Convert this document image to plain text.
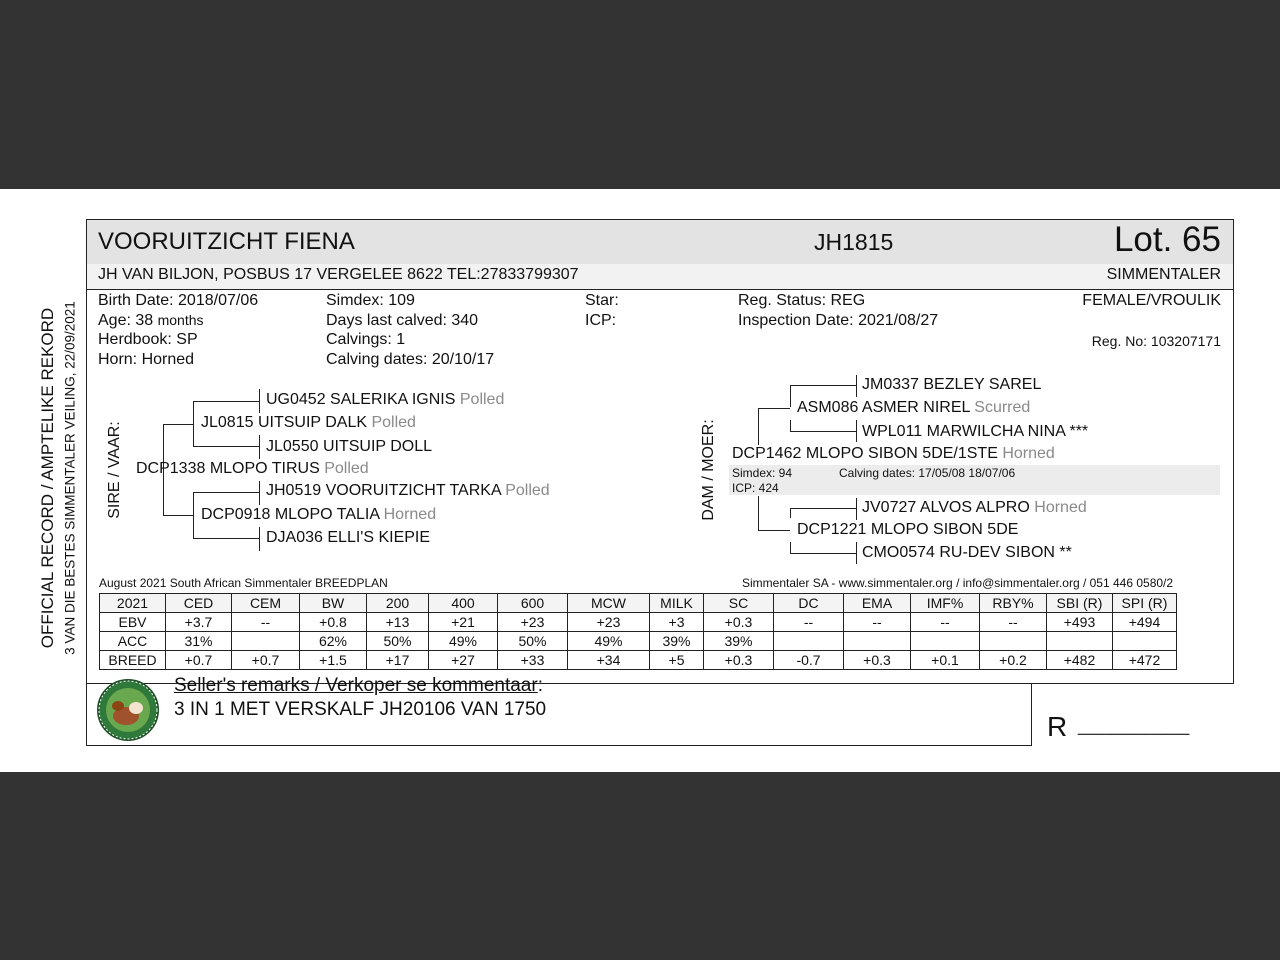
OFFICIAL RECORD / AMPTELIKE REKORD 3 VAN DIE BESTES SIMMENTALER VEILING, 22/09/2021
VOORUITZICHT FIENA	JH1815	Lot. 65
JH VAN BILJON, POSBUS 17 VERGELEE 8622 TEL:27833799307	SIMMENTALER
Birth Date: 2018/07/06
Age: 38 months
Herdbook: SP
Horn: Horned
Simdex: 109
Days last calved: 340
Calvings: 1
Calving dates: 20/10/17
Star:
ICP:
Reg. Status: REG
Inspection Date: 2021/08/27
FEMALE/VROULIK
Reg. No: 103207171
SIRE / VAAR:	DAM / MOER:
UG0452 SALERIKA IGNIS Polled
JL0815 UITSUIP DALK Polled
JL0550 UITSUIP DOLL
DCP1338 MLOPO TIRUS Polled
JH0519 VOORUITZICHT TARKA Polled
DCP0918 MLOPO TALIA Horned
DJA036 ELLI'S KIEPIE
JM0337 BEZLEY SAREL
ASM086 ASMER NIREL Scurred
WPL011 MARWILCHA NINA ***
DCP1462 MLOPO SIBON 5DE/1STE Horned
Simdex: 94	Calving dates: 17/05/08 18/07/06
ICP: 424
JV0727 ALVOS ALPRO Horned
DCP1221 MLOPO SIBON 5DE
CMO0574 RU-DEV SIBON **
August 2021 South African Simmentaler BREEDPLAN	Simmentaler SA - www.simmentaler.org / info@simmentaler.org / 051 446 0580/2
2021	CED	CEM	BW	200	400	600	MCW	MILK	SC	DC	EMA	IMF%	RBY%	SBI (R)	SPI (R)
EBV	+3.7	--	+0.8	+13	+21	+23	+23	+3	+0.3	--	--	--	--	+493	+494
ACC	31%		62%	50%	49%	50%	49%	39%	39%						
BREED	+0.7	+0.7	+1.5	+17	+27	+33	+34	+5	+0.3	-0.7	+0.3	+0.1	+0.2	+482	+472
Seller's remarks / Verkoper se kommentaar:
3 IN 1 MET VERSKALF JH20106 VAN 1750
R __________
